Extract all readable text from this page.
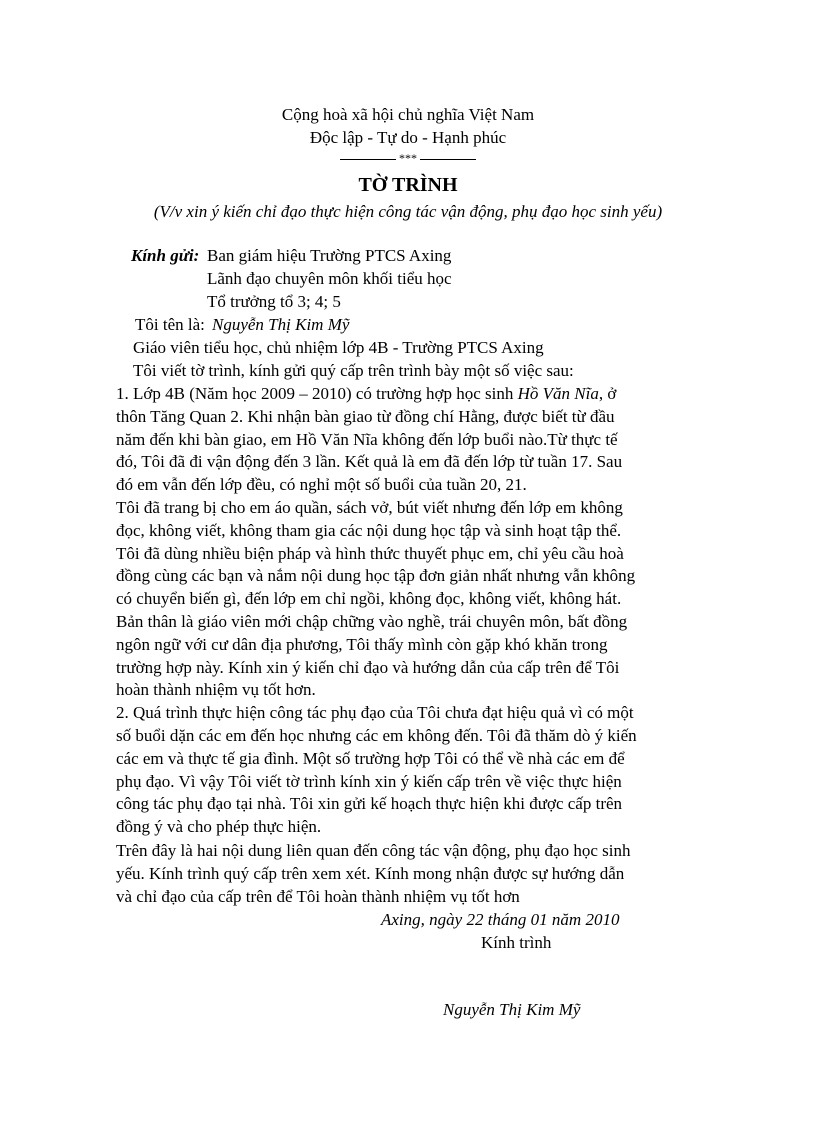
Cộng hoà xã hội chủ nghĩa Việt Nam
Độc lập - Tự do - Hạnh phúc
***
TỜ TRÌNH
(V/v xin ý kiến chỉ đạo thực hiện công tác vận động, phụ đạo học sinh yếu)
Kính gửi: Ban giám hiệu Trường PTCS Axing
Lãnh đạo chuyên môn khối tiểu học
Tổ trưởng tổ 3; 4; 5
Tôi tên là: Nguyễn Thị Kim Mỹ
Giáo viên tiểu học, chủ nhiệm lớp 4B - Trường PTCS Axing
Tôi viết tờ trình, kính gửi quý cấp trên trình bày một số việc sau:
1. Lớp 4B (Năm học 2009 – 2010) có trường hợp học sinh Hồ Văn Nĩa, ở
thôn Tăng Quan 2. Khi nhận bàn giao từ đồng chí Hằng, được biết từ đầu
năm đến khi bàn giao, em Hồ Văn Nĩa không đến lớp buổi nào.Từ thực tế
đó, Tôi đã đi vận động đến 3 lần. Kết quả là em đã đến lớp từ tuần 17. Sau
đó em vẫn đến lớp đều, có nghỉ một số buổi của tuần 20, 21.
Tôi đã trang bị cho em áo quần, sách vở, bút viết nhưng đến lớp em không
đọc, không viết, không tham gia các nội dung học tập và sinh hoạt tập thể.
Tôi đã dùng nhiều biện pháp và hình thức thuyết phục em, chỉ yêu cầu hoà
đồng cùng các bạn và nắm nội dung học tập đơn giản nhất nhưng vẫn không
có chuyển biến gì, đến lớp em chỉ ngồi, không đọc, không viết, không hát.
Bản thân là giáo viên mới chập chững vào nghề, trái chuyên môn, bất đồng
ngôn ngữ với cư dân địa phương, Tôi thấy mình còn gặp khó khăn trong
trường hợp này. Kính xin ý kiến chỉ đạo và hướng dẫn của cấp trên để Tôi
hoàn thành nhiệm vụ tốt hơn.
2. Quá trình thực hiện công tác phụ đạo của Tôi chưa đạt hiệu quả vì có một
số buổi dặn các em đến học nhưng các em không đến. Tôi đã thăm dò ý kiến
các em và thực tế gia đình. Một số trường hợp Tôi có thể về nhà các em để
phụ đạo. Vì vậy Tôi viết tờ trình kính xin ý kiến cấp trên về việc thực hiện
công tác phụ đạo tại nhà. Tôi xin gửi kế hoạch thực hiện khi được cấp trên
đồng ý và cho phép thực hiện.
Trên đây là hai nội dung liên quan đến công tác vận động, phụ đạo học sinh
yếu. Kính trình quý cấp trên xem xét. Kính mong nhận được sự hướng dẫn
và chỉ đạo của cấp trên để Tôi hoàn thành nhiệm vụ tốt hơn
Axing, ngày 22 tháng 01 năm 2010
Kính trình
Nguyễn Thị Kim Mỹ
